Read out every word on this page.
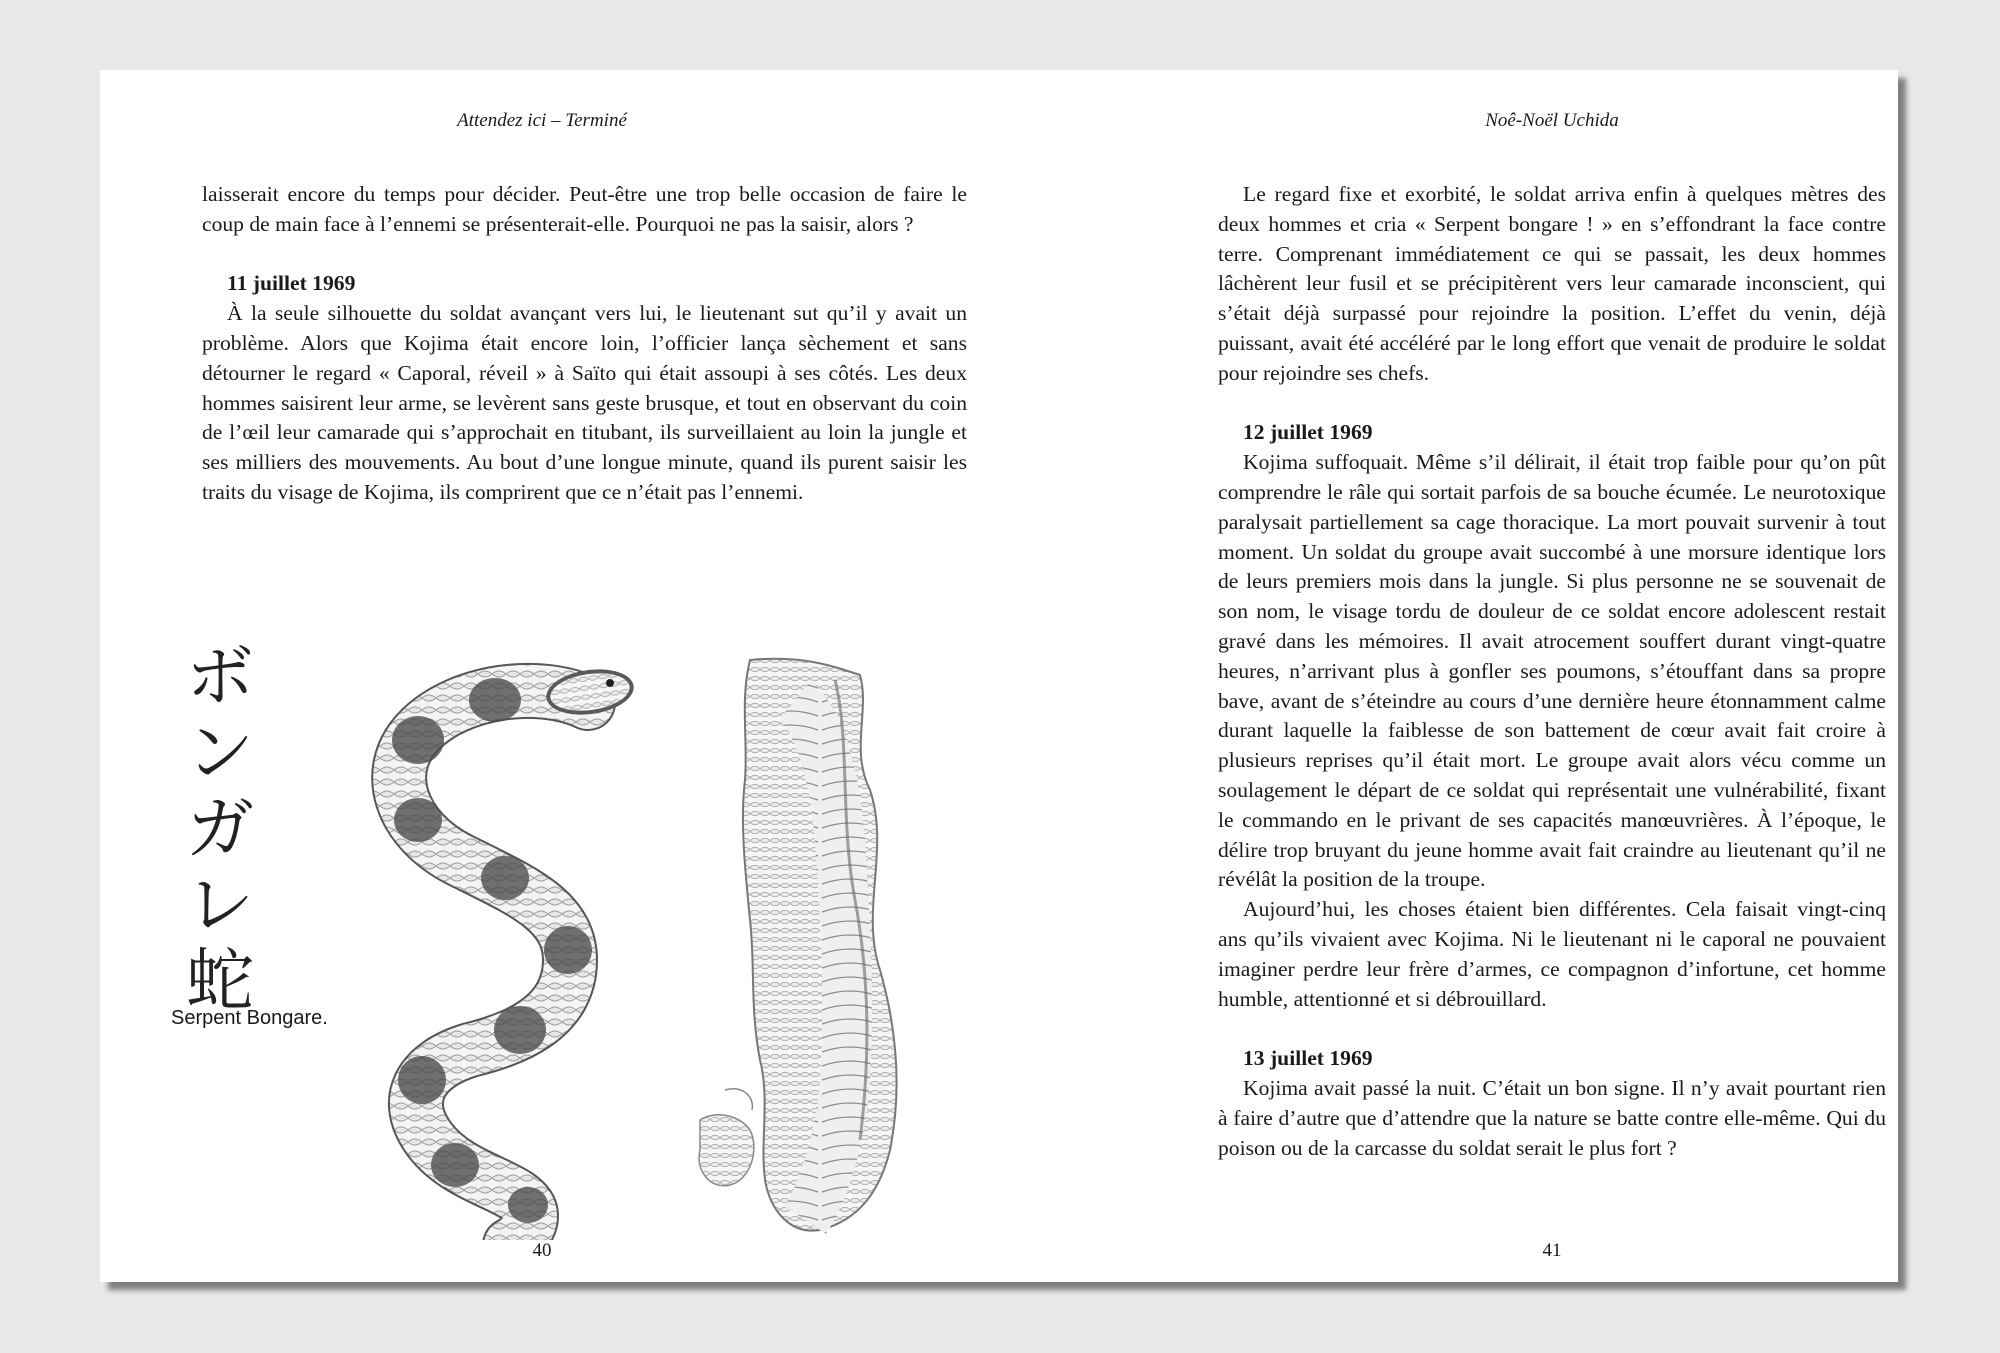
Attendez ici – Terminé

laisserait encore du temps pour décider. Peut-être une trop belle occasion de faire le coup de main face à l’ennemi se présenterait-elle. Pourquoi ne pas la saisir, alors ?

11 juillet 1969

À la seule silhouette du soldat avançant vers lui, le lieutenant sut qu’il y avait un problème. Alors que Kojima était encore loin, l’officier lança sèchement et sans détourner le regard « Caporal, réveil » à Saïto qui était assoupi à ses côtés. Les deux hommes saisirent leur arme, se levèrent sans geste brusque, et tout en observant du coin de l’œil leur camarade qui s’approchait en titubant, ils surveillaient au loin la jungle et ses milliers des mouvements. Au bout d’une longue minute, quand ils purent saisir les traits du visage de Kojima, ils comprirent que ce n’était pas l’ennemi.

ボ
ン
ガ
レ
蛇
Serpent Bongare.
40
Noê-Noël Uchida

Le regard fixe et exorbité, le soldat arriva enfin à quelques mètres des deux hommes et cria « Serpent bongare ! » en s’effondrant la face contre terre. Comprenant immédiatement ce qui se passait, les deux hommes lâchèrent leur fusil et se précipitèrent vers leur camarade inconscient, qui s’était déjà surpassé pour rejoindre la position. L’effet du venin, déjà puissant, avait été accéléré par le long effort que venait de produire le soldat pour rejoindre ses chefs.

12 juillet 1969

Kojima suffoquait. Même s’il délirait, il était trop faible pour qu’on pût comprendre le râle qui sortait parfois de sa bouche écumée. Le neurotoxique paralysait partiellement sa cage thoracique. La mort pouvait survenir à tout moment. Un soldat du groupe avait succombé à une morsure identique lors de leurs premiers mois dans la jungle. Si plus personne ne se souvenait de son nom, le visage tordu de douleur de ce soldat encore adolescent restait gravé dans les mémoires. Il avait atrocement souffert durant vingt-quatre heures, n’arrivant plus à gonfler ses poumons, s’étouffant dans sa propre bave, avant de s’éteindre au cours d’une dernière heure étonnamment calme durant laquelle la faiblesse de son battement de cœur avait fait croire à plusieurs reprises qu’il était mort. Le groupe avait alors vécu comme un soulagement le départ de ce soldat qui représentait une vulnérabilité, fixant le commando en le privant de ses capacités manœuvrières. À l’époque, le délire trop bruyant du jeune homme avait fait craindre au lieutenant qu’il ne révélât la position de la troupe.

Aujourd’hui, les choses étaient bien différentes. Cela faisait vingt-cinq ans qu’ils vivaient avec Kojima. Ni le lieutenant ni le caporal ne pouvaient imaginer perdre leur frère d’armes, ce compagnon d’infortune, cet homme humble, attentionné et si débrouillard.

13 juillet 1969

Kojima avait passé la nuit. C’était un bon signe. Il n’y avait pourtant rien à faire d’autre que d’attendre que la nature se batte contre elle-même. Qui du poison ou de la carcasse du soldat serait le plus fort ?

41
